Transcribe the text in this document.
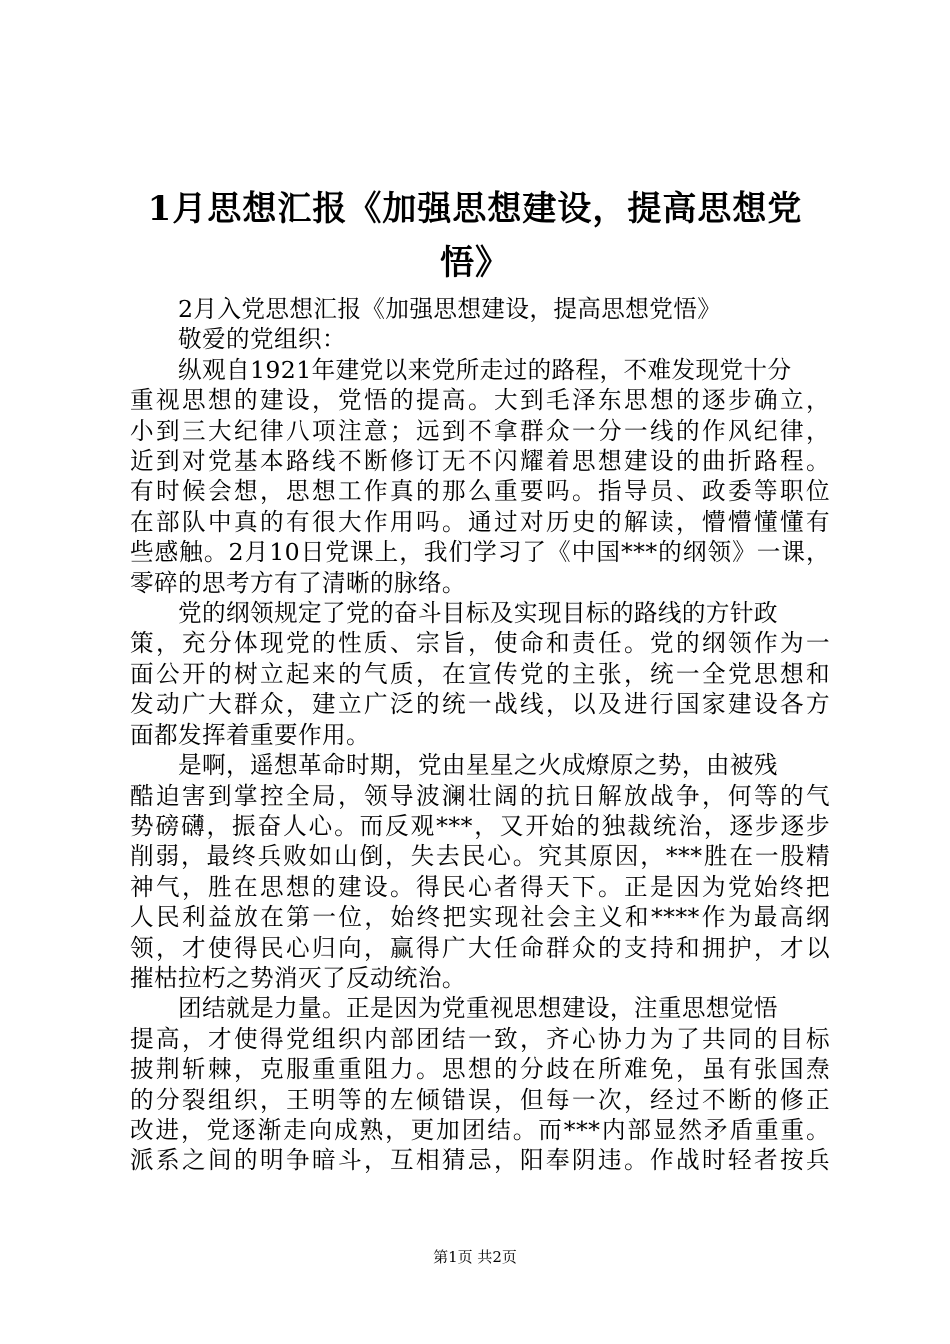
1月思想汇报《加强思想建设，提高思想党悟》
2月入党思想汇报《加强思想建设，提高思想党悟》
敬爱的党组织：
纵观自1921年建党以来党所走过的路程，不难发现党十分
重视思想的建设，党悟的提高。大到毛泽东思想的逐步确立，
小到三大纪律八项注意；远到不拿群众一分一线的作风纪律，
近到对党基本路线不断修订无不闪耀着思想建设的曲折路程。
有时候会想，思想工作真的那么重要吗。指导员、政委等职位
在部队中真的有很大作用吗。通过对历史的解读，懵懵懂懂有
些感触。2月10日党课上，我们学习了《中国***的纲领》一课，
零碎的思考方有了清晰的脉络。
党的纲领规定了党的奋斗目标及实现目标的路线的方针政
策，充分体现党的性质、宗旨，使命和责任。党的纲领作为一
面公开的树立起来的气质，在宣传党的主张，统一全党思想和
发动广大群众，建立广泛的统一战线，以及进行国家建设各方
面都发挥着重要作用。
是啊，遥想革命时期，党由星星之火成燎原之势，由被残
酷迫害到掌控全局，领导波澜壮阔的抗日解放战争，何等的气
势磅礴，振奋人心。而反观***，又开始的独裁统治，逐步逐步
削弱，最终兵败如山倒，失去民心。究其原因，***胜在一股精
神气，胜在思想的建设。得民心者得天下。正是因为党始终把
人民利益放在第一位，始终把实现社会主义和****作为最高纲
领，才使得民心归向，赢得广大任命群众的支持和拥护，才以
摧枯拉朽之势消灭了反动统治。
团结就是力量。正是因为党重视思想建设，注重思想觉悟
提高，才使得党组织内部团结一致，齐心协力为了共同的目标
披荆斩棘，克服重重阻力。思想的分歧在所难免，虽有张国焘
的分裂组织，王明等的左倾错误，但每一次，经过不断的修正
改进，党逐渐走向成熟，更加团结。而***内部显然矛盾重重。
派系之间的明争暗斗，互相猜忌，阳奉阴违。作战时轻者按兵
第1页 共2页
